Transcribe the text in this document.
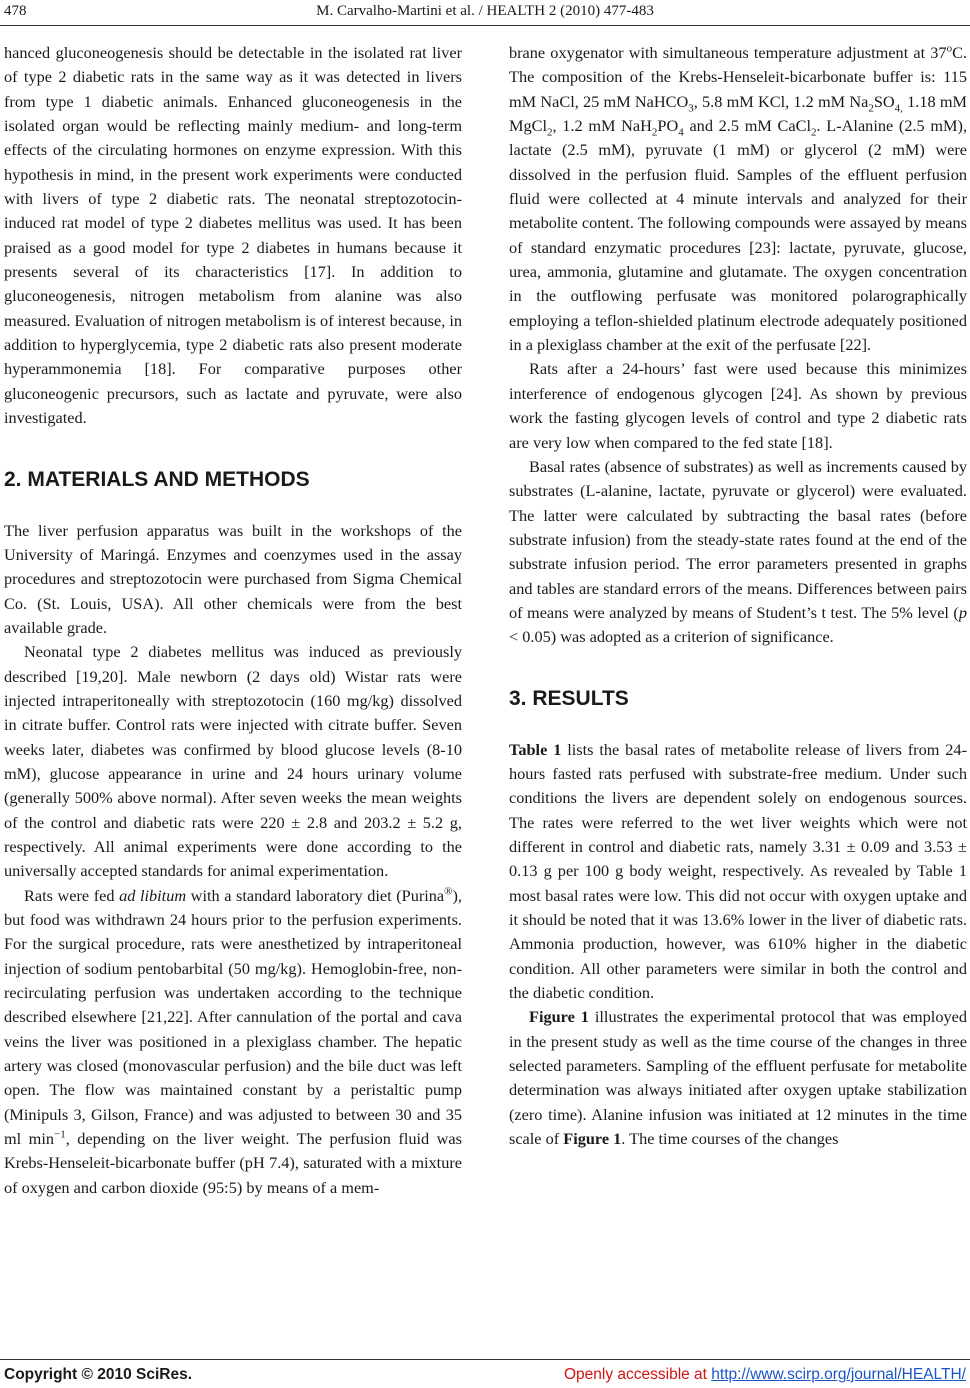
478	M. Carvalho-Martini et al. / HEALTH 2 (2010) 477-483

hanced gluconeogenesis should be detectable in the isolated rat liver of type 2 diabetic rats in the same way as it was detected in livers from type 1 diabetic animals. Enhanced gluconeogenesis in the isolated organ would be reflecting mainly medium- and long-term effects of the circulating hormones on enzyme expression. With this hypothesis in mind, in the present work experiments were conducted with livers of type 2 diabetic rats. The neonatal streptozotocin-induced rat model of type 2 diabetes mellitus was used. It has been praised as a good model for type 2 diabetes in humans because it presents several of its characteristics [17]. In addition to gluconeogenesis, nitrogen metabolism from alanine was also measured. Evaluation of nitrogen metabolism is of interest because, in addition to hyperglycemia, type 2 diabetic rats also present moderate hyperammonemia [18]. For comparative purposes other gluconeogenic precursors, such as lactate and pyruvate, were also investigated.

2. MATERIALS AND METHODS

The liver perfusion apparatus was built in the workshops of the University of Maringá. Enzymes and coenzymes used in the assay procedures and streptozotocin were purchased from Sigma Chemical Co. (St. Louis, USA). All other chemicals were from the best available grade.

Neonatal type 2 diabetes mellitus was induced as previously described [19,20]. Male newborn (2 days old) Wistar rats were injected intraperitoneally with streptozotocin (160 mg/kg) dissolved in citrate buffer. Control rats were injected with citrate buffer. Seven weeks later, diabetes was confirmed by blood glucose levels (8-10 mM), glucose appearance in urine and 24 hours urinary volume (generally 500% above normal). After seven weeks the mean weights of the control and diabetic rats were 220 ± 2.8 and 203.2 ± 5.2 g, respectively. All animal experiments were done according to the universally accepted standards for animal experimentation.

Rats were fed ad libitum with a standard laboratory diet (Purina®), but food was withdrawn 24 hours prior to the perfusion experiments. For the surgical procedure, rats were anesthetized by intraperitoneal injection of sodium pentobarbital (50 mg/kg). Hemoglobin-free, non-recirculating perfusion was undertaken according to the technique described elsewhere [21,22]. After cannulation of the portal and cava veins the liver was positioned in a plexiglass chamber. The hepatic artery was closed (monovascular perfusion) and the bile duct was left open. The flow was maintained constant by a peristaltic pump (Minipuls 3, Gilson, France) and was adjusted to between 30 and 35 ml $\min^{-1}$, depending on the liver weight. The perfusion fluid was Krebs-Henseleit-bicarbonate buffer (pH 7.4), saturated with a mixture of oxygen and carbon dioxide (95:5) by means of a mem-

brane oxygenator with simultaneous temperature adjustment at 37$^o$C. The composition of the Krebs-Henseleit-bicarbonate buffer is: 115 mM NaCl, 25 mM NaHCO$_3$, 5.8 mM KCl, 1.2 mM $Na_2SO_{4,}$ 1.18 mM MgCl$_2$, 1.2 mM $NaH_2PO_4$ and 2.5 mM CaCl$_2$. L-Alanine (2.5 mM), lactate (2.5 mM), pyruvate (1 mM) or glycerol (2 mM) were dissolved in the perfusion fluid. Samples of the effluent perfusion fluid were collected at 4 minute intervals and analyzed for their metabolite content. The following compounds were assayed by means of standard enzymatic procedures [23]: lactate, pyruvate, glucose, urea, ammonia, glutamine and glutamate. The oxygen concentration in the outflowing perfusate was monitored polarographically employing a teflon-shielded platinum electrode adequately positioned in a plexiglass chamber at the exit of the perfusate [22].

Rats after a 24-hours’ fast were used because this minimizes interference of endogenous glycogen [24]. As shown by previous work the fasting glycogen levels of control and type 2 diabetic rats are very low when compared to the fed state [18].

Basal rates (absence of substrates) as well as increments caused by substrates (L-alanine, lactate, pyruvate or glycerol) were evaluated. The latter were calculated by subtracting the basal rates (before substrate infusion) from the steady-state rates found at the end of the substrate infusion period. The error parameters presented in graphs and tables are standard errors of the means. Differences between pairs of means were analyzed by means of Student’s t test. The 5% level (p < 0.05) was adopted as a criterion of significance.

3. RESULTS

Table 1 lists the basal rates of metabolite release of livers from 24-hours fasted rats perfused with substrate-free medium. Under such conditions the livers are dependent solely on endogenous sources. The rates were referred to the wet liver weights which were not different in control and diabetic rats, namely 3.31 ± 0.09 and 3.53 ± 0.13 g per 100 g body weight, respectively. As revealed by Table 1 most basal rates were low. This did not occur with oxygen uptake and it should be noted that it was 13.6% lower in the liver of diabetic rats. Ammonia production, however, was 610% higher in the diabetic condition. All other parameters were similar in both the control and the diabetic condition.

Figure 1 illustrates the experimental protocol that was employed in the present study as well as the time course of the changes in three selected parameters. Sampling of the effluent perfusate for metabolite determination was always initiated after oxygen uptake stabilization (zero time). Alanine infusion was initiated at 12 minutes in the time scale of Figure 1. The time courses of the changes

Copyright © 2010 SciRes.	Openly accessible at http://www.scirp.org/journal/HEALTH/
